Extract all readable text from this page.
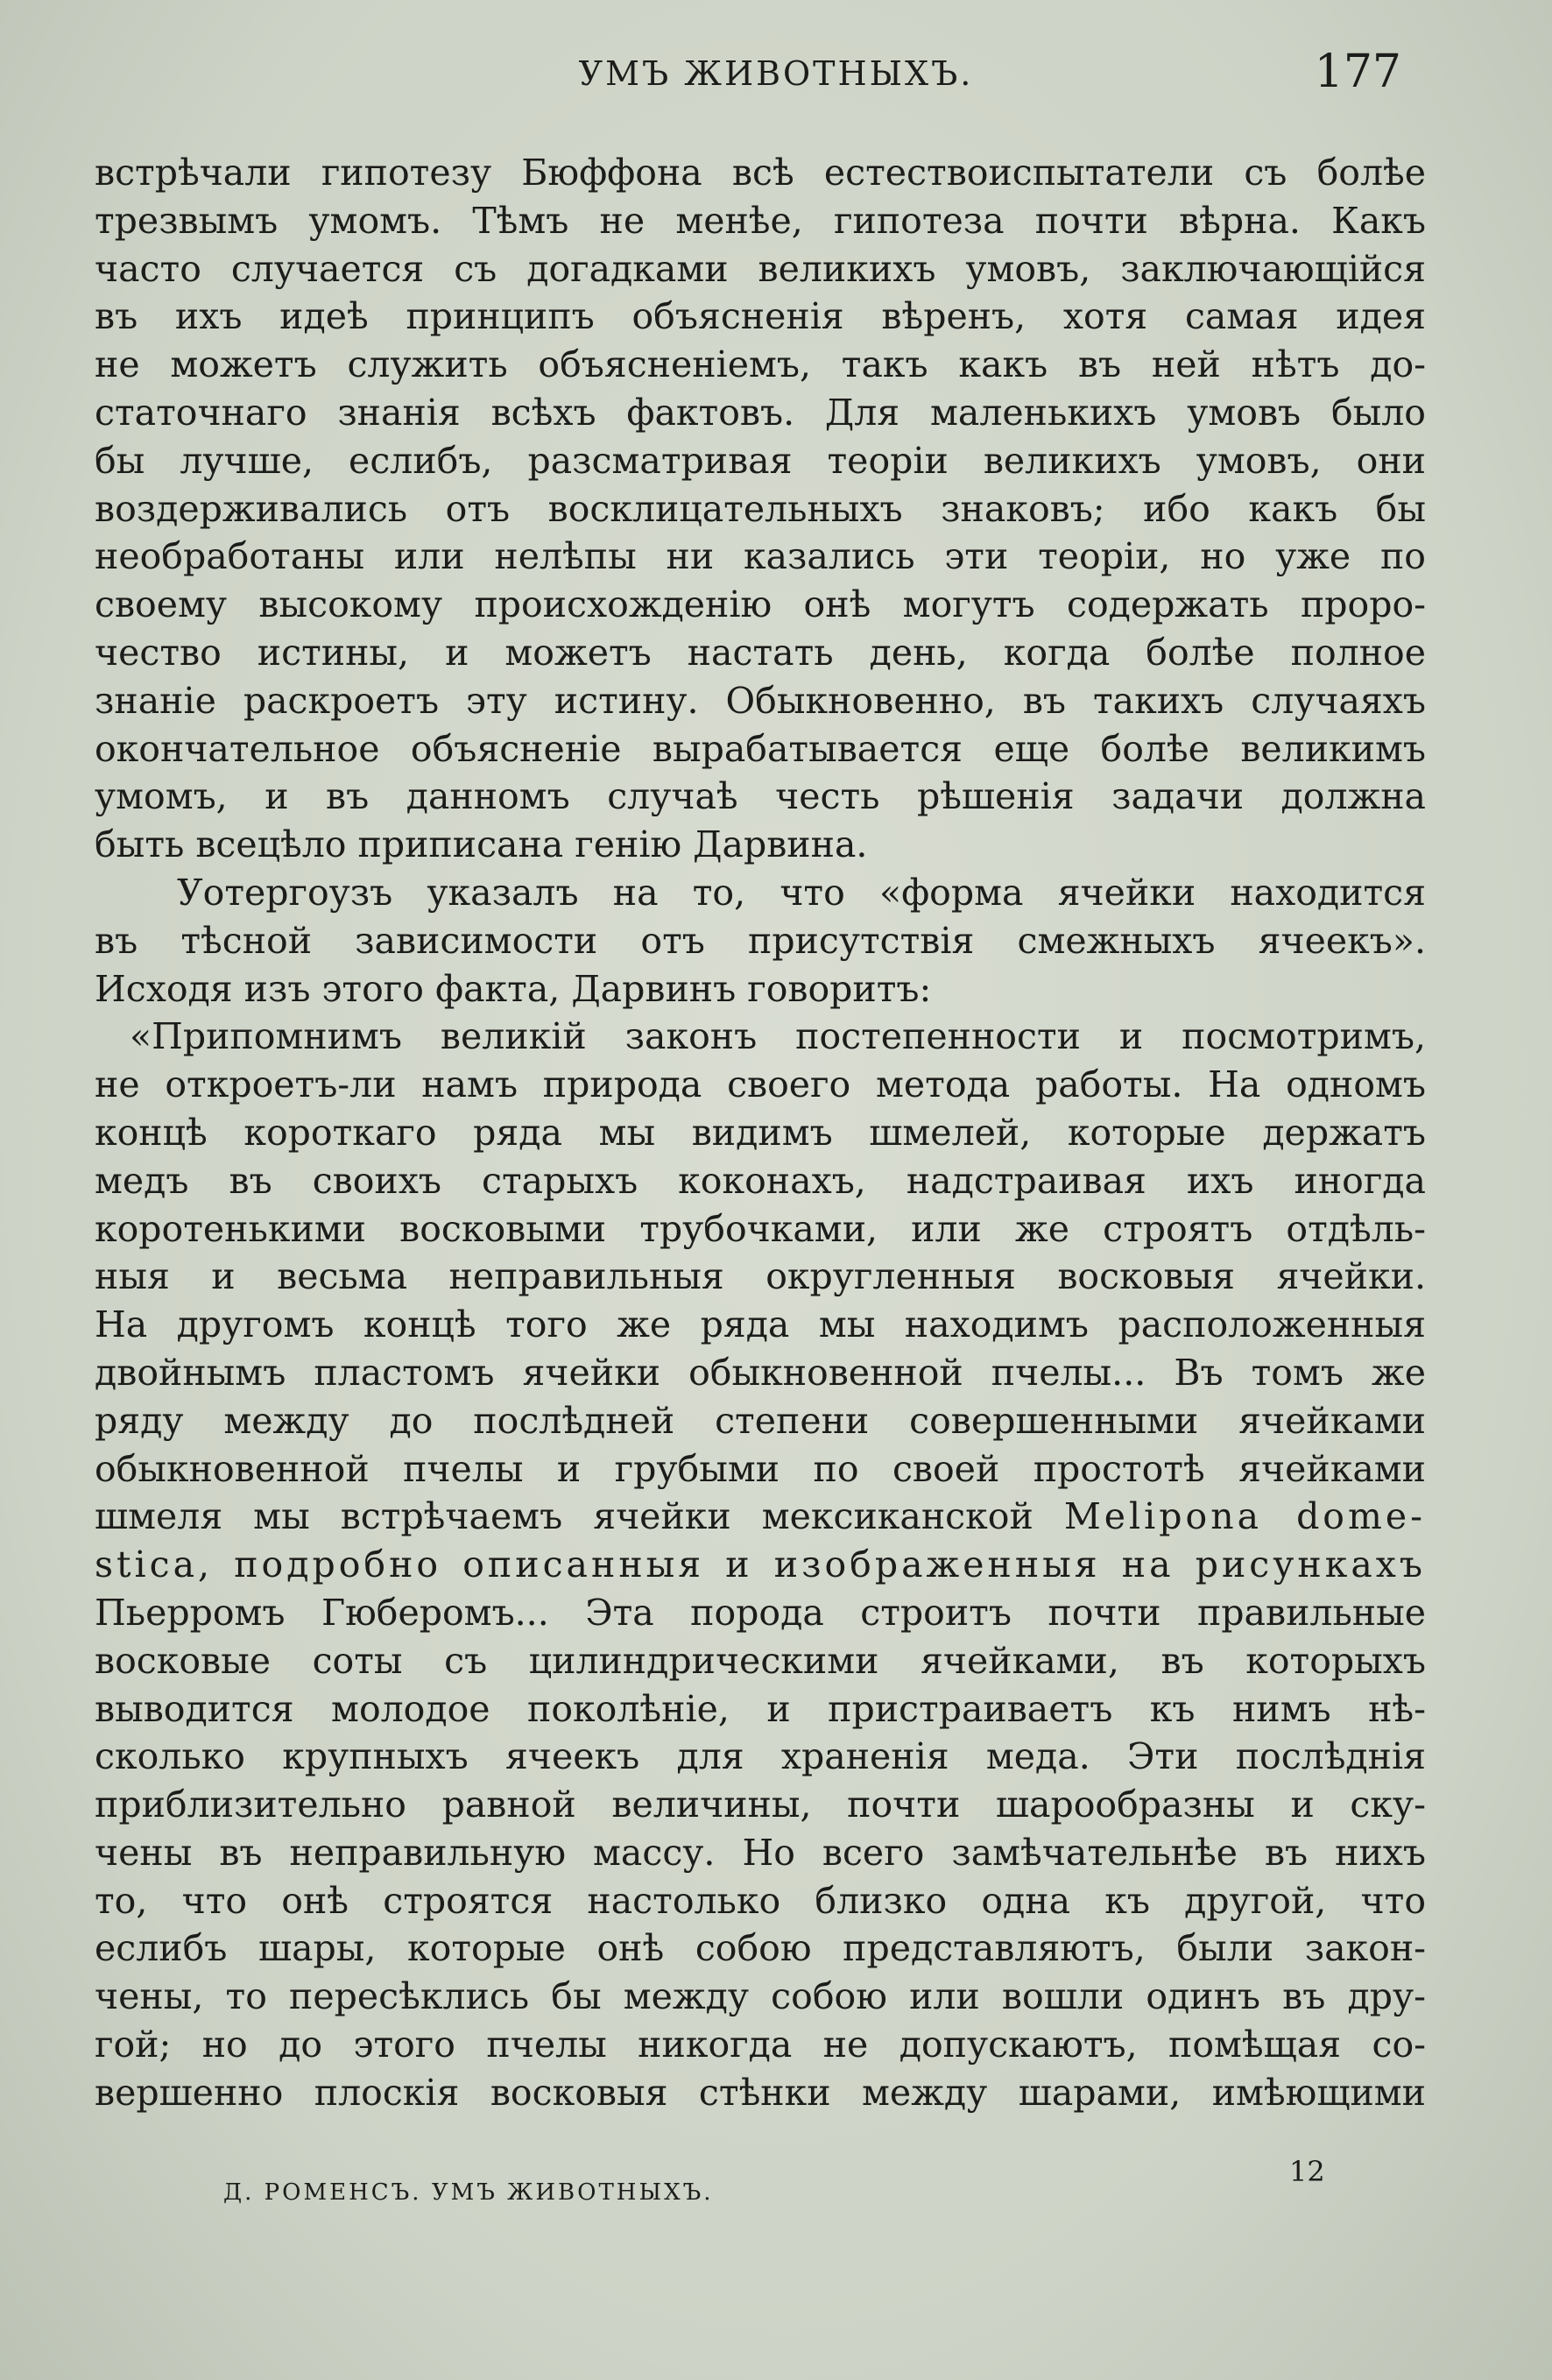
УМЪ ЖИВОТНЫХЪ.	177
встрѣчали гипотезу Бюффона всѣ естествоиспытатели съ болѣе
трезвымъ умомъ. Тѣмъ не менѣе, гипотеза почти вѣрна. Какъ
часто случается съ догадками великихъ умовъ, заключающійся
въ ихъ идеѣ принципъ объясненія вѣренъ, хотя самая идея
не можетъ служить объясненіемъ, такъ какъ въ ней нѣтъ до-
статочнаго знанія всѣхъ фактовъ. Для маленькихъ умовъ было
бы лучше, еслибъ, разсматривая теоріи великихъ умовъ, они
воздерживались отъ восклицательныхъ знаковъ; ибо какъ бы
необработаны или нелѣпы ни казались эти теоріи, но уже по
своему высокому происхожденію онѣ могутъ содержать проро-
чество истины, и можетъ настать день, когда болѣе полное
знаніе раскроетъ эту истину. Обыкновенно, въ такихъ случаяхъ
окончательное объясненіе вырабатывается еще болѣе великимъ
умомъ, и въ данномъ случаѣ честь рѣшенія задачи должна
быть всецѣло приписана генію Дарвина.
Уотергоузъ указалъ на то, что «форма ячейки находится
въ тѣсной зависимости отъ присутствія смежныхъ ячеекъ».
Исходя изъ этого факта, Дарвинъ говоритъ:
«Припомнимъ великій законъ постепенности и посмотримъ,
не откроетъ-ли намъ природа своего метода работы. На одномъ
концѣ короткаго ряда мы видимъ шмелей, которые держатъ
медъ въ своихъ старыхъ коконахъ, надстраивая ихъ иногда
коротенькими восковыми трубочками, или же строятъ отдѣль-
ныя и весьма неправильныя округленныя восковыя ячейки.
На другомъ концѣ того же ряда мы находимъ расположенныя
двойнымъ пластомъ ячейки обыкновенной пчелы... Въ томъ же
ряду между до послѣдней степени совершенными ячейками
обыкновенной пчелы и грубыми по своей простотѣ ячейками
шмеля мы встрѣчаемъ ячейки мексиканской Melipona dome-
stica, подробно описанныя и изображенныя на рисункахъ
Пьерромъ Гюберомъ... Эта порода строитъ почти правильные
восковые соты съ цилиндрическими ячейками, въ которыхъ
выводится молодое поколѣніе, и пристраиваетъ къ нимъ нѣ-
сколько крупныхъ ячеекъ для храненія меда. Эти послѣднія
приблизительно равной величины, почти шарообразны и ску-
чены въ неправильную массу. Но всего замѣчательнѣе въ нихъ
то, что онѣ строятся настолько близко одна къ другой, что
еслибъ шары, которые онѣ собою представляютъ, были закон-
чены, то пересѣклись бы между собою или вошли одинъ въ дру-
гой; но до этого пчелы никогда не допускаютъ, помѣщая со-
вершенно плоскія восковыя стѣнки между шарами, имѣющими
Д. РОМЕНСЪ. УМЪ ЖИВОТНЫХЪ.
12
